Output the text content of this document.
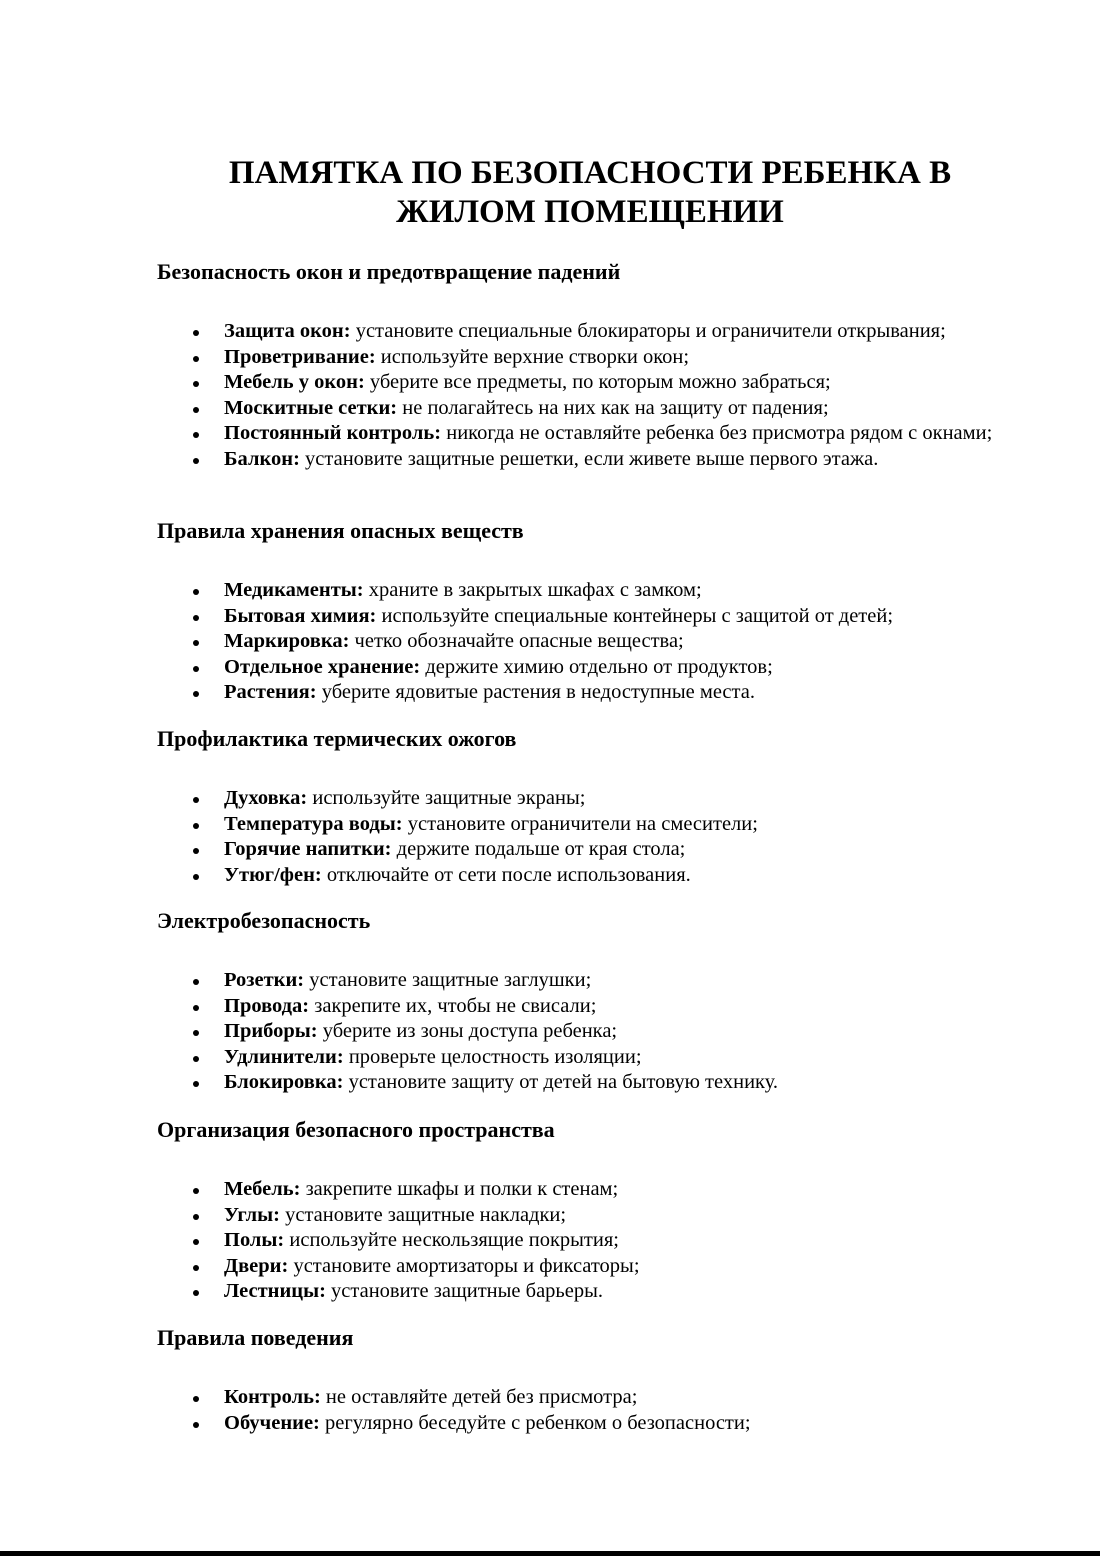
ПАМЯТКА ПО БЕЗОПАСНОСТИ РЕБЕНКА В
ЖИЛОМ ПОМЕЩЕНИИ
Безопасность окон и предотвращение падений
Защита окон: установите специальные блокираторы и ограничители открывания;
Проветривание: используйте верхние створки окон;
Мебель у окон: уберите все предметы, по которым можно забраться;
Москитные сетки: не полагайтесь на них как на защиту от падения;
Постоянный контроль: никогда не оставляйте ребенка без присмотра рядом с окнами;
Балкон: установите защитные решетки, если живете выше первого этажа.
Правила хранения опасных веществ
Медикаменты: храните в закрытых шкафах с замком;
Бытовая химия: используйте специальные контейнеры с защитой от детей;
Маркировка: четко обозначайте опасные вещества;
Отдельное хранение: держите химию отдельно от продуктов;
Растения: уберите ядовитые растения в недоступные места.
Профилактика термических ожогов
Духовка: используйте защитные экраны;
Температура воды: установите ограничители на смесители;
Горячие напитки: держите подальше от края стола;
Утюг/фен: отключайте от сети после использования.
Электробезопасность
Розетки: установите защитные заглушки;
Провода: закрепите их, чтобы не свисали;
Приборы: уберите из зоны доступа ребенка;
Удлинители: проверьте целостность изоляции;
Блокировка: установите защиту от детей на бытовую технику.
Организация безопасного пространства
Мебель: закрепите шкафы и полки к стенам;
Углы: установите защитные накладки;
Полы: используйте нескользящие покрытия;
Двери: установите амортизаторы и фиксаторы;
Лестницы: установите защитные барьеры.
Правила поведения
Контроль: не оставляйте детей без присмотра;
Обучение: регулярно беседуйте с ребенком о безопасности;
